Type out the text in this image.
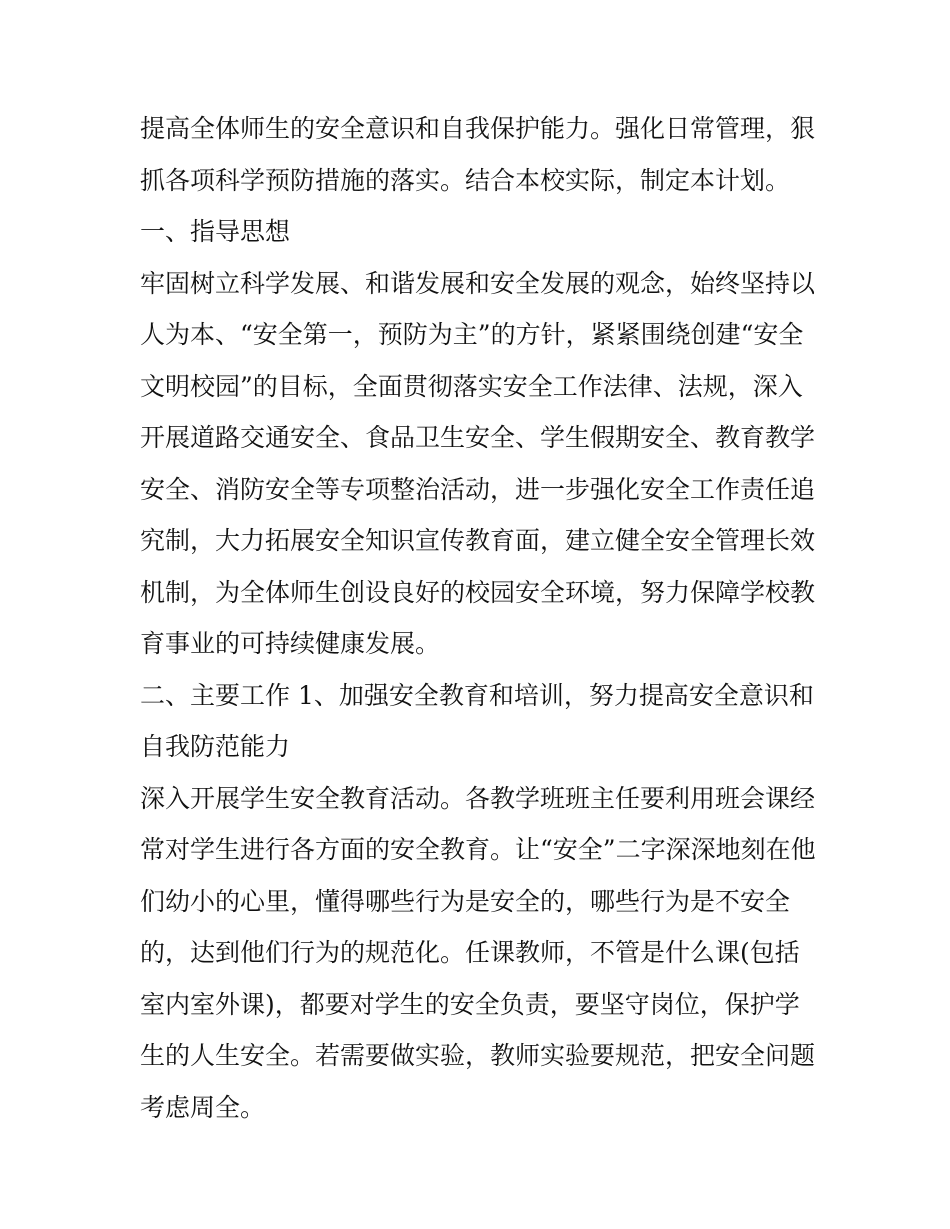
提高全体师生的安全意识和自我保护能力。强化日常管理，狠
抓各项科学预防措施的落实。结合本校实际，制定本计划。
一、指导思想
牢固树立科学发展、和谐发展和安全发展的观念，始终坚持以
人为本、“安全第一，预防为主”的方针，紧紧围绕创建“安全
文明校园”的目标，全面贯彻落实安全工作法律、法规，深入
开展道路交通安全、食品卫生安全、学生假期安全、教育教学
安全、消防安全等专项整治活动，进一步强化安全工作责任追
究制，大力拓展安全知识宣传教育面，建立健全安全管理长效
机制，为全体师生创设良好的校园安全环境，努力保障学校教
育事业的可持续健康发展。
二、主要工作 1、加强安全教育和培训，努力提高安全意识和
自我防范能力
深入开展学生安全教育活动。各教学班班主任要利用班会课经
常对学生进行各方面的安全教育。让“安全”二字深深地刻在他
们幼小的心里，懂得哪些行为是安全的，哪些行为是不安全
的，达到他们行为的规范化。任课教师，不管是什么课(包括
室内室外课)，都要对学生的安全负责，要坚守岗位，保护学
生的人生安全。若需要做实验，教师实验要规范，把安全问题
考虑周全。
